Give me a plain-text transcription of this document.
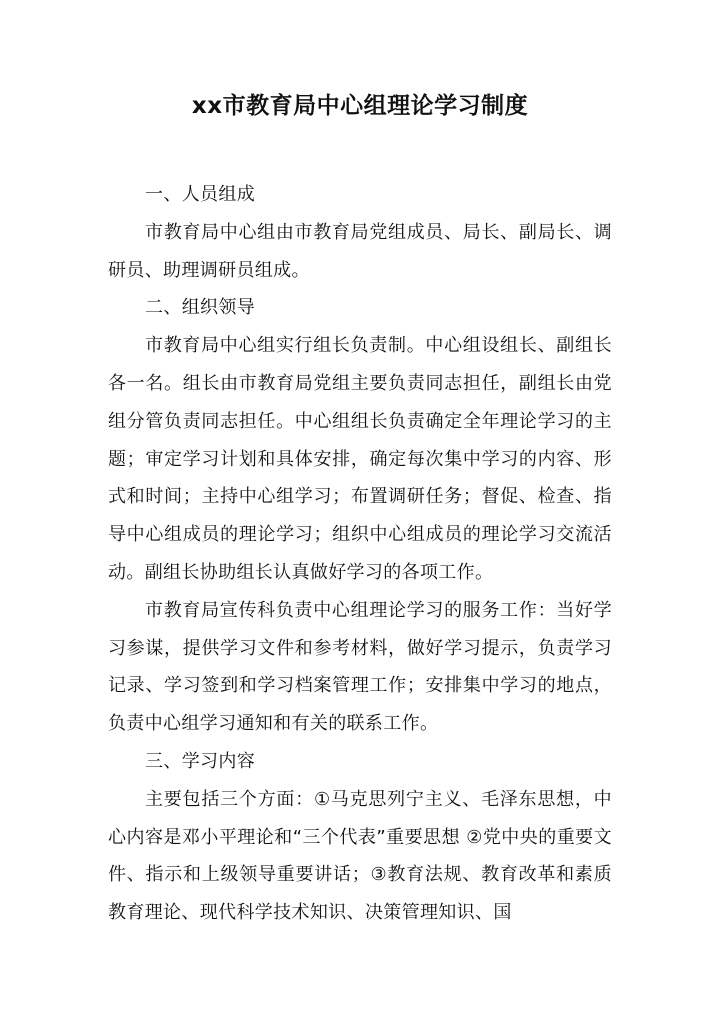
xx市教育局中心组理论学习制度

一、人员组成

市教育局中心组由市教育局党组成员、局长、副局长、调研员、助理调研员组成。

二、组织领导

市教育局中心组实行组长负责制。中心组设组长、副组长各一名。组长由市教育局党组主要负责同志担任，副组长由党组分管负责同志担任。中心组组长负责确定全年理论学习的主题；审定学习计划和具体安排，确定每次集中学习的内容、形式和时间；主持中心组学习；布置调研任务；督促、检查、指导中心组成员的理论学习；组织中心组成员的理论学习交流活动。副组长协助组长认真做好学习的各项工作。

市教育局宣传科负责中心组理论学习的服务工作：当好学习参谋，提供学习文件和参考材料，做好学习提示，负责学习记录、学习签到和学习档案管理工作；安排集中学习的地点，负责中心组学习通知和有关的联系工作。

三、学习内容

主要包括三个方面：①马克思列宁主义、毛泽东思想，中心内容是邓小平理论和“三个代表”重要思想 ②党中央的重要文件、指示和上级领导重要讲话；③教育法规、教育改革和素质教育理论、现代科学技术知识、决策管理知识、国
